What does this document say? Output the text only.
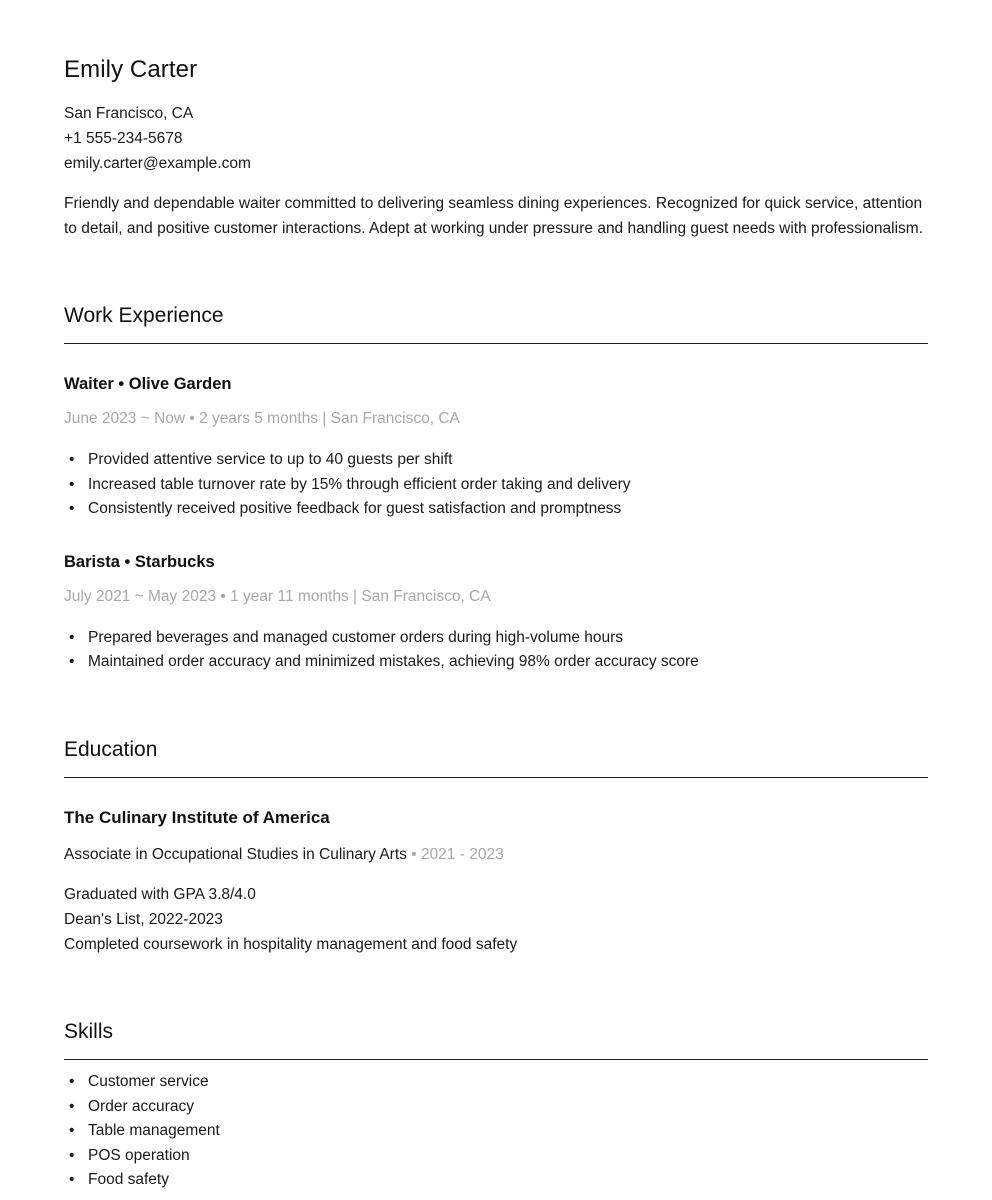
Emily Carter
San Francisco, CA
+1 555-234-5678
emily.carter@example.com

Friendly and dependable waiter committed to delivering seamless dining experiences. Recognized for quick service, attention to detail, and positive customer interactions. Adept at working under pressure and handling guest needs with professionalism.

Work Experience
Waiter • Olive Garden
June 2023 ~ Now • 2 years 5 months | San Francisco, CA
• Provided attentive service to up to 40 guests per shift
• Increased table turnover rate by 15% through efficient order taking and delivery
• Consistently received positive feedback for guest satisfaction and promptness
Barista • Starbucks
July 2021 ~ May 2023 • 1 year 11 months | San Francisco, CA
• Prepared beverages and managed customer orders during high-volume hours
• Maintained order accuracy and minimized mistakes, achieving 98% order accuracy score
Education
The Culinary Institute of America
Associate in Occupational Studies in Culinary Arts • 2021 - 2023
Graduated with GPA 3.8/4.0
Dean's List, 2022-2023
Completed coursework in hospitality management and food safety
Skills
• Customer service
• Order accuracy
• Table management
• POS operation
• Food safety
